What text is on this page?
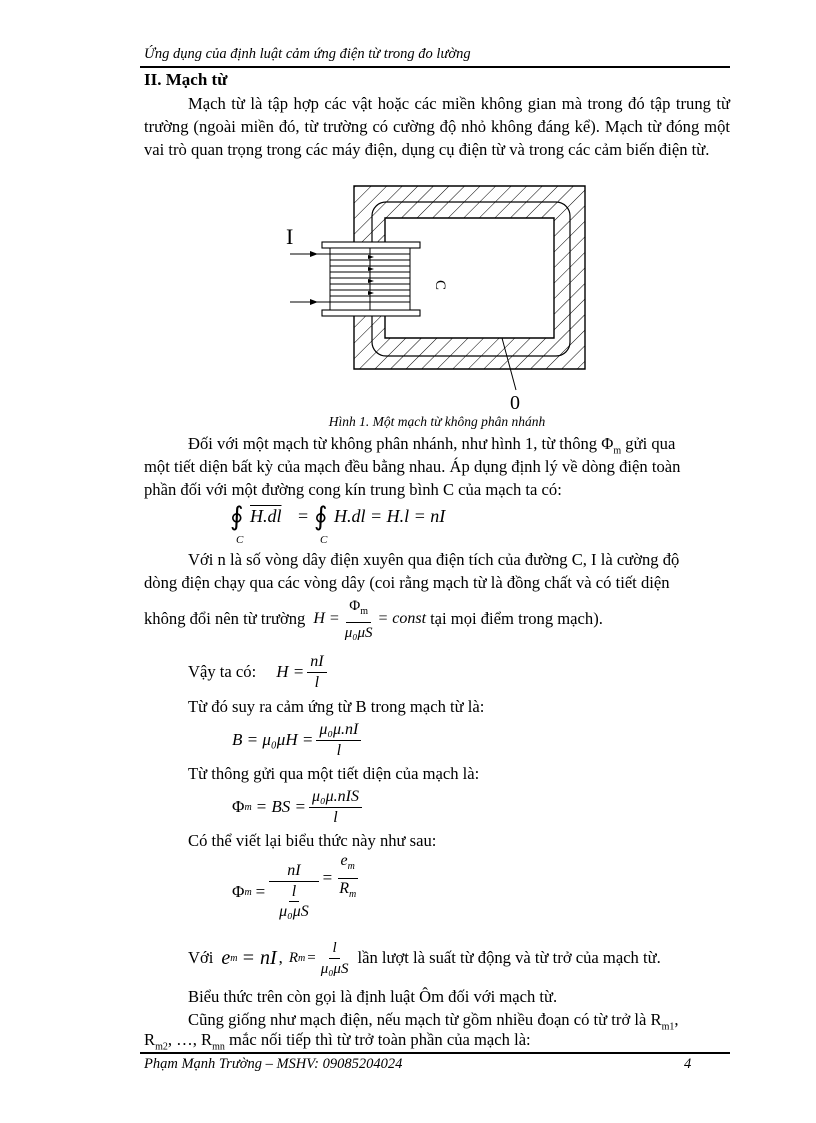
Ứng dụng của định luật cảm ứng điện từ trong đo lường
II. Mạch từ

Mạch từ là tập hợp các vật hoặc các miền không gian mà trong đó tập trung từ trường (ngoài miền đó, từ trường có cường độ nhỏ không đáng kể). Mạch từ đóng một vai trò quan trọng trong các máy điện, dụng cụ điện từ và trong các cảm biến điện từ.

I
C
0
Hình 1. Một mạch từ không phân nhánh
Đối với một mạch từ không phân nhánh, như hình 1, từ thông $\Phi_m$ gửi qua
một tiết diện bất kỳ của mạch đều bằng nhau. Áp dụng định lý về dòng điện toàn
phần đối với một đường cong kín trung bình C của mạch ta có:
∮ H.dl = ∮ H.dl = H.l = nI
C	C
Với n là số vòng dây điện xuyên qua điện tích của đường C, I là cường độ
dòng điện chạy qua các vòng dây (coi rằng mạch từ là đồng chất và có tiết diện
không đổi nên từ trường $H = \frac{\Phi_m}{\text{μ₀μS}}$ = const tại mọi điểm trong mạch).
Vậy ta có: $H = \frac{nI}{l}$
Từ đó suy ra cảm ứng từ B trong mạch từ là:
$B = \mu_0\mu H = \frac{\text{μ₀μ.nI}}{l}$
Từ thông gửi qua một tiết diện của mạch là:
Φ m = BS = $\frac{\text{μ₀μ.nIS}}{l}$
Có thể viết lại biểu thức này như sau:
Φ m = nI
l
$\mu_0\mu S = \frac{e_m}{R_m}$
Với e m = nI , R $m = \frac{l}{\text{μ₀μS}}$ lần lượt là suất từ động và từ trở của mạch từ.
Biểu thức trên còn gọi là định luật Ôm đối với mạch từ.
Cũng giống như mạch điện, nếu mạch từ gồm nhiều đoạn có từ trở là $R_{m1}$,
$R_{m2}$, …, $R_{mn}$ mắc nối tiếp thì từ trở toàn phần của mạch là:
Phạm Mạnh Trường – MSHV: 09085204024	4
